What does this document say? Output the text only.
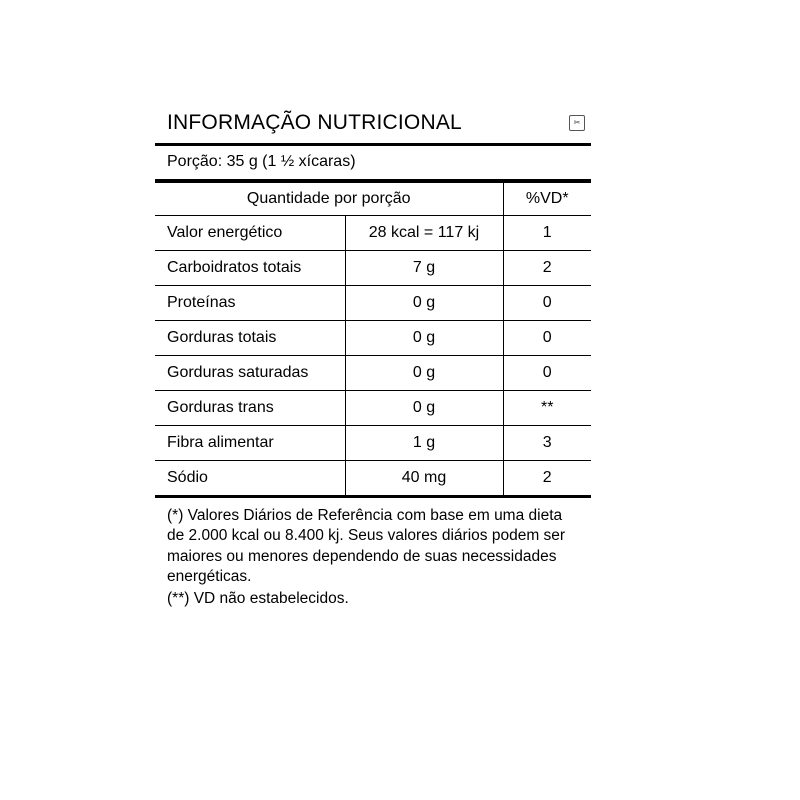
INFORMAÇÃO NUTRICIONAL ✂		

Porção: 35 g (1 ½ xícaras)		
Quantidade por porção		%VD*
Valor energético	28 kcal = 117 kj	1
Carboidratos totais	7 g	2
Proteínas	0 g	0
Gorduras totais	0 g	0
Gorduras saturadas	0 g	0
Gorduras trans	0 g	**
Fibra alimentar	1 g	3
Sódio	40 mg	2

(*) Valores Diários de Referência com base em uma dieta de 2.000 kcal ou 8.400 kj. Seus valores diários podem ser maiores ou menores dependendo de suas necessidades energéticas.

(**) VD não estabelecidos.
